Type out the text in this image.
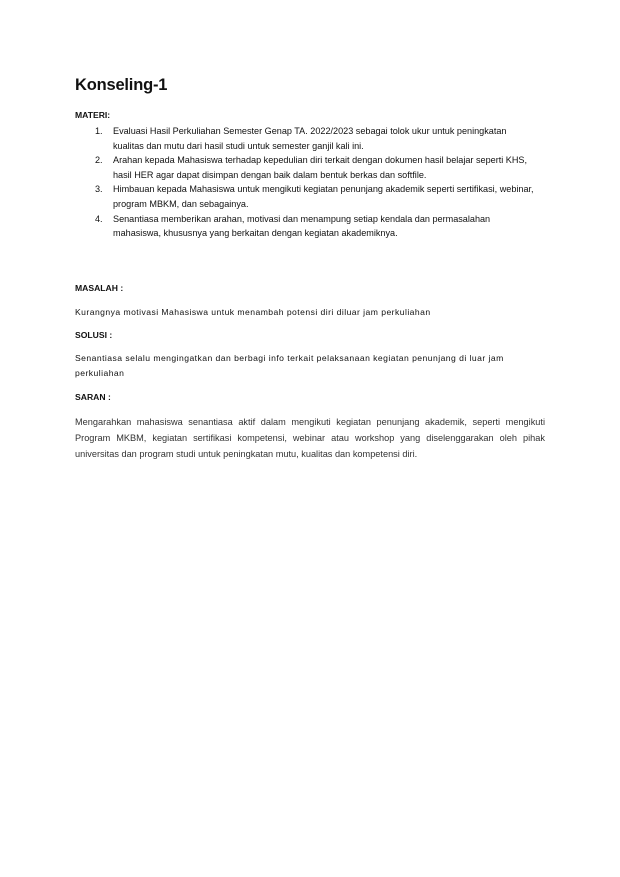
Konseling-1
MATERI:
1. Evaluasi Hasil Perkuliahan Semester Genap TA. 2022/2023 sebagai tolok ukur untuk peningkatan kualitas dan mutu dari hasil studi untuk semester ganjil kali ini.
2. Arahan kepada Mahasiswa terhadap kepedulian diri terkait dengan dokumen hasil belajar seperti KHS, hasil HER agar dapat disimpan dengan baik dalam bentuk berkas dan softfile.
3. Himbauan kepada Mahasiswa untuk mengikuti kegiatan penunjang akademik seperti sertifikasi, webinar, program MBKM, dan sebagainya.
4. Senantiasa memberikan arahan, motivasi dan menampung setiap kendala dan permasalahan mahasiswa, khususnya yang berkaitan dengan kegiatan akademiknya.
MASALAH :
Kurangnya motivasi Mahasiswa untuk menambah potensi diri diluar jam perkuliahan
SOLUSI :
Senantiasa selalu mengingatkan dan berbagi info terkait pelaksanaan kegiatan penunjang di luar jam perkuliahan
SARAN :
Mengarahkan mahasiswa senantiasa aktif dalam mengikuti kegiatan penunjang akademik, seperti mengikuti Program MKBM, kegiatan sertifikasi kompetensi, webinar atau workshop yang diselenggarakan oleh pihak universitas dan program studi untuk peningkatan mutu, kualitas dan kompetensi diri.
